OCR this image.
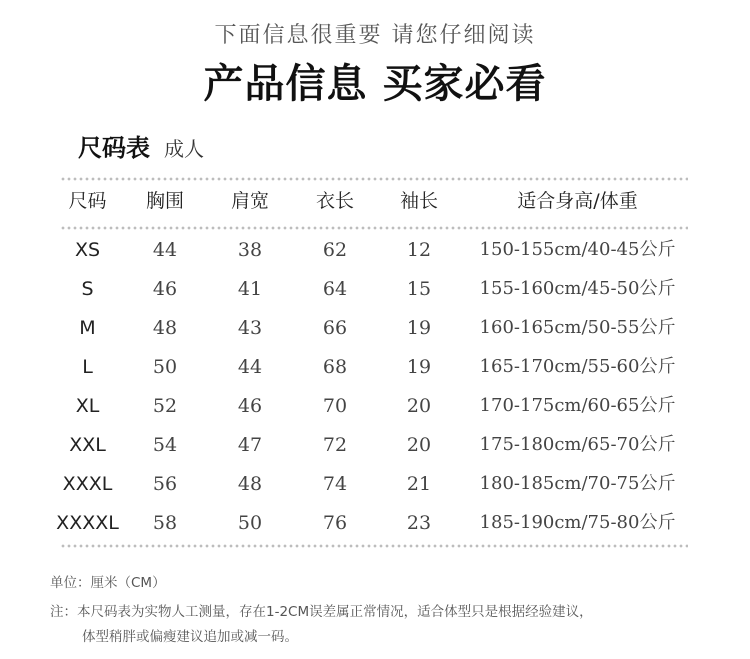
下面信息很重要 请您仔细阅读
产品信息 买家必看
尺码表 成人
尺码	胸围	肩宽	衣长	袖长	适合身高/体重
XS	44	38	62	12	150-155cm/40-45公斤
S	46	41	64	15	155-160cm/45-50公斤
M	48	43	66	19	160-165cm/50-55公斤
L	50	44	68	19	165-170cm/55-60公斤
XL	52	46	70	20	170-175cm/60-65公斤
XXL	54	47	72	20	175-180cm/65-70公斤
XXXL	56	48	74	21	180-185cm/70-75公斤
XXXXL	58	50	76	23	185-190cm/75-80公斤
单位：厘米（CM）
注：本尺码表为实物人工测量，存在1-2CM误差属正常情况，适合体型只是根据经验建议，
体型稍胖或偏瘦建议追加或减一码。
